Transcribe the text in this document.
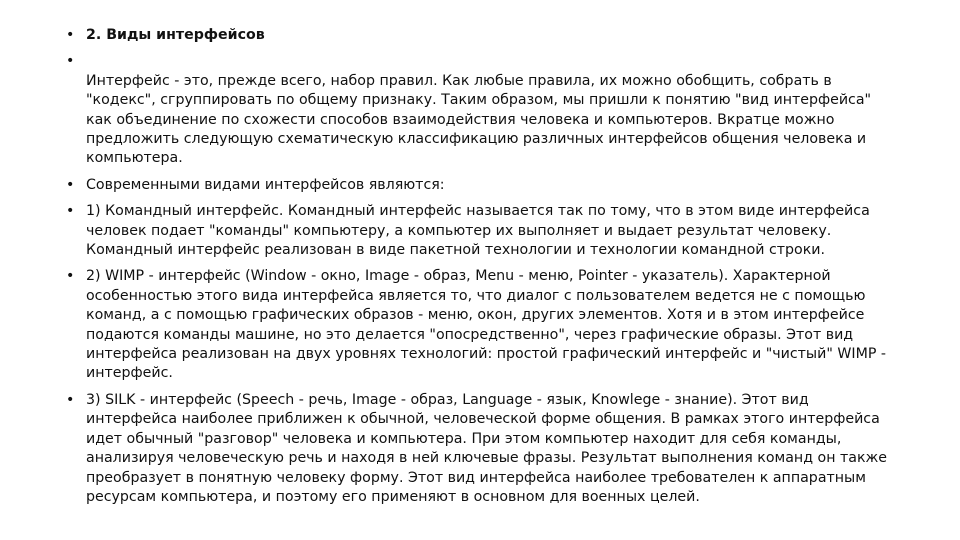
• 2. Виды интерфейсов
•
Интерфейс - это, прежде всего, набор правил. Как любые правила, их можно обобщить, собрать в "кодекс", сгруппировать по общему признаку. Таким образом, мы пришли к понятию "вид интерфейса" как объединение по схожести способов взаимодействия человека и компьютеров. Вкратце можно предложить следующую схематическую классификацию различных интерфейсов общения человека и компьютера.
• Современными видами интерфейсов являются:
• 1) Командный интерфейс. Командный интерфейс называется так по тому, что в этом виде интерфейса человек подает "команды" компьютеру, а компьютер их выполняет и выдает результат человеку. Командный интерфейс реализован в виде пакетной технологии и технологии командной строки.
• 2) WIMP - интерфейс (Window - окно, Image - образ, Menu - меню, Pointer - указатель). Характерной особенностью этого вида интерфейса является то, что диалог с пользователем ведется не с помощью команд, а с помощью графических образов - меню, окон, других элементов. Хотя и в этом интерфейсе подаются команды машине, но это делается "опосредственно", через графические образы. Этот вид интерфейса реализован на двух уровнях технологий: простой графический интерфейс и "чистый" WIMP - интерфейс.
• 3) SILK - интерфейс (Speech - речь, Image - образ, Language - язык, Knowlege - знание). Этот вид интерфейса наиболее приближен к обычной, человеческой форме общения. В рамках этого интерфейса идет обычный "разговор" человека и компьютера. При этом компьютер находит для себя команды, анализируя человеческую речь и находя в ней ключевые фразы. Результат выполнения команд он также преобразует в понятную человеку форму. Этот вид интерфейса наиболее требователен к аппаратным ресурсам компьютера, и поэтому его применяют в основном для военных целей.
